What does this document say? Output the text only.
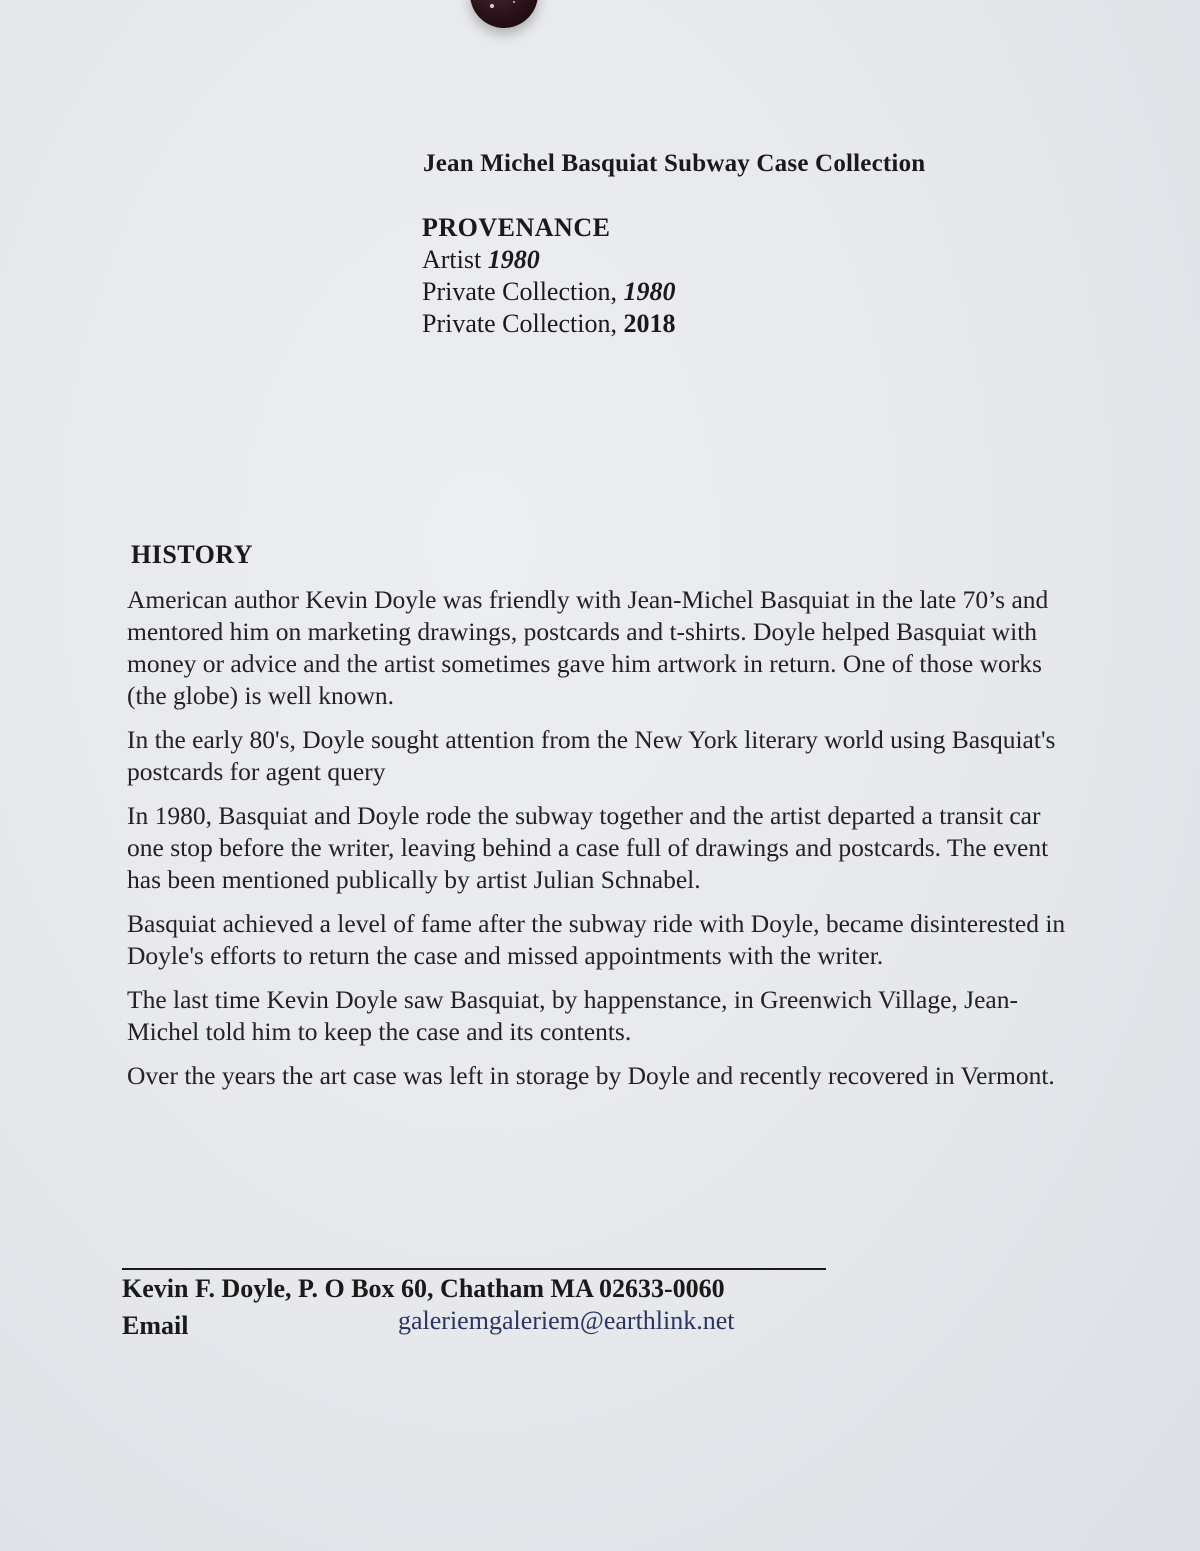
Jean Michel Basquiat Subway Case Collection
PROVENANCE
Artist 1980
Private Collection, 1980
Private Collection, 2018
HISTORY

American author Kevin Doyle was friendly with Jean-Michel Basquiat in the late 70’s and mentored him on marketing drawings, postcards and t-shirts. Doyle helped Basquiat with money or advice and the artist sometimes gave him artwork in return. One of those works (the globe) is well known.

In the early 80's, Doyle sought attention from the New York literary world using Basquiat's postcards for agent query

In 1980, Basquiat and Doyle rode the subway together and the artist departed a transit car one stop before the writer, leaving behind a case full of drawings and postcards. The event has been mentioned publically by artist Julian Schnabel.

Basquiat achieved a level of fame after the subway ride with Doyle, became disinterested in Doyle's efforts to return the case and missed appointments with the writer.

The last time Kevin Doyle saw Basquiat, by happenstance, in Greenwich Village, Jean-Michel told him to keep the case and its contents.

Over the years the art case was left in storage by Doyle and recently recovered in Vermont.

Kevin F. Doyle, P. O Box 60, Chatham MA 02633-0060
Email	galeriemgaleriem@earthlink.net
